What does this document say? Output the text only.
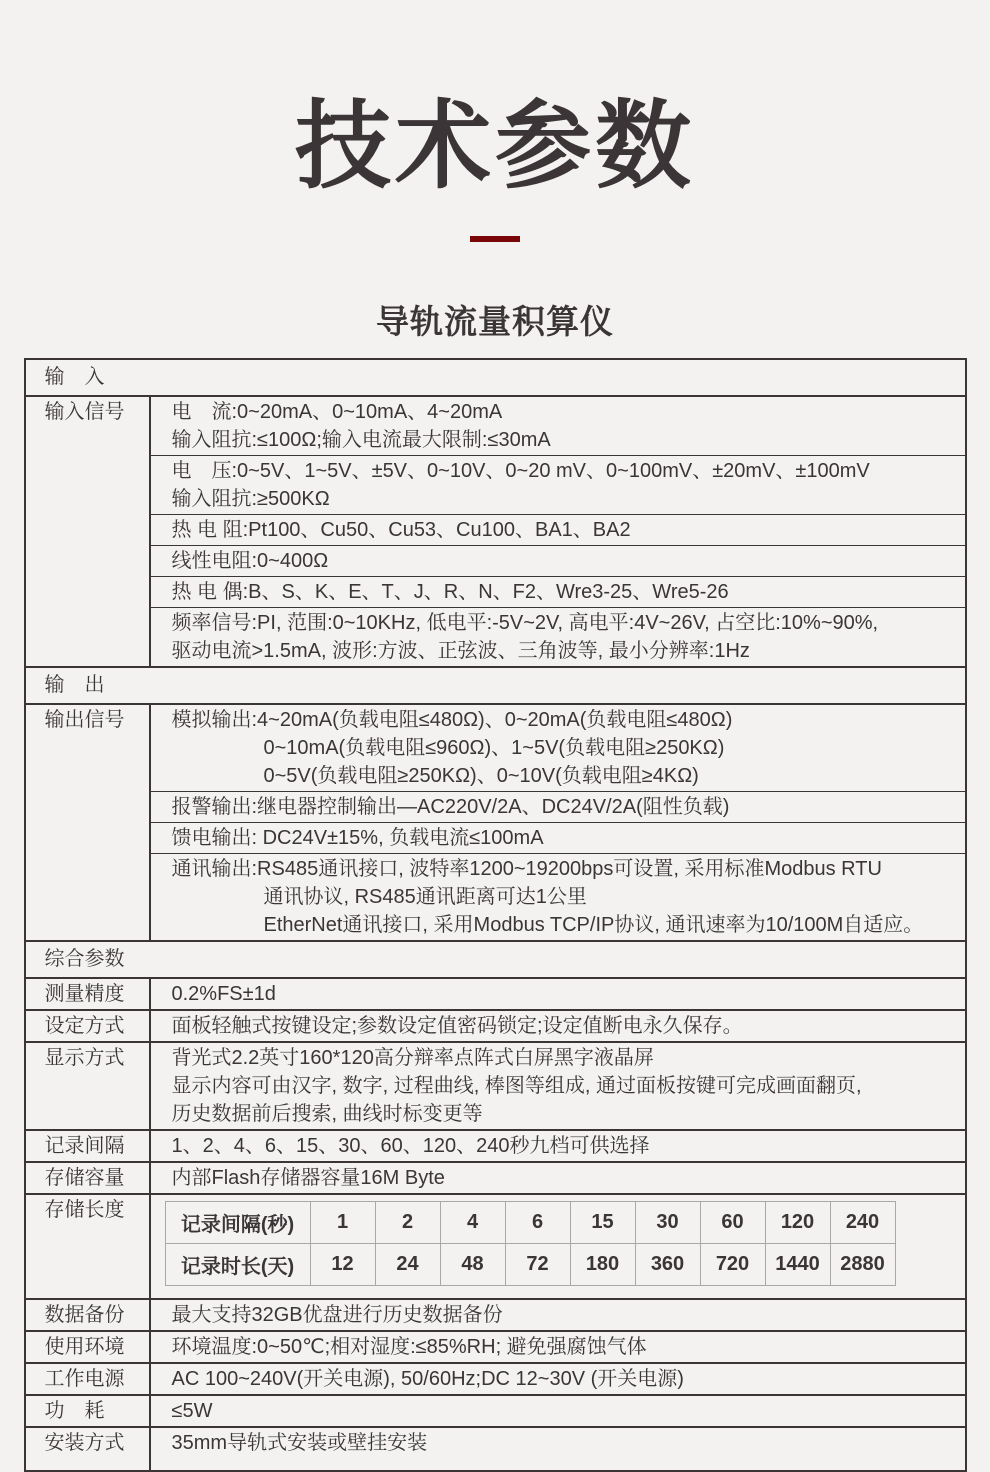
技术参数
导轨流量积算仪
输　入
输入信号	电　流:0~20mA、0~10mA、4~20mA
输入阻抗:≤100Ω;输入电流最大限制:≤30mA
电　压:0~5V、1~5V、±5V、0~10V、0~20 mV、0~100mV、±20mV、±100mV
输入阻抗:≥500KΩ
热 电 阻:Pt100、Cu50、Cu53、Cu100、BA1、BA2
线性电阻:0~400Ω
热 电 偶:B、S、K、E、T、J、R、N、F2、Wre3-25、Wre5-26
频率信号:PI, 范围:0~10KHz, 低电平:-5V~2V, 高电平:4V~26V, 占空比:10%~90%,
驱动电流>1.5mA, 波形:方波、正弦波、三角波等, 最小分辨率:1Hz
输　出
输出信号	模拟输出:4~20mA(负载电阻≤480Ω)、0~20mA(负载电阻≤480Ω)
0~10mA(负载电阻≤960Ω)、1~5V(负载电阻≥250KΩ)
0~5V(负载电阻≥250KΩ)、0~10V(负载电阻≥4KΩ)
报警输出:继电器控制输出—AC220V/2A、DC24V/2A(阻性负载)
馈电输出: DC24V±15%, 负载电流≤100mA
通讯输出:RS485通讯接口, 波特率1200~19200bps可设置, 采用标准Modbus RTU
通讯协议, RS485通讯距离可达1公里
EtherNet通讯接口, 采用Modbus TCP/IP协议, 通讯速率为10/100M自适应。
综合参数
测量精度	0.2%FS±1d
设定方式	面板轻触式按键设定;参数设定值密码锁定;设定值断电永久保存。
显示方式	背光式2.2英寸160*120高分辩率点阵式白屏黑字液晶屏
显示内容可由汉字, 数字, 过程曲线, 棒图等组成, 通过面板按键可完成画面翻页,
历史数据前后搜索, 曲线时标变更等
记录间隔	1、2、4、6、15、30、60、120、240秒九档可供选择
存储容量	内部Flash存储器容量16M Byte
存储长度
记录间隔(秒)	1	2	4	6	15	30	60	120	240
记录时长(天)	12	24	48	72	180	360	720	1440	2880
数据备份	最大支持32GB优盘进行历史数据备份
使用环境	环境温度:0~50℃;相对湿度:≤85%RH; 避免强腐蚀气体
工作电源	AC 100~240V(开关电源), 50/60Hz;DC 12~30V (开关电源)
功　耗	≤5W
安装方式	35mm导轨式安装或壁挂安装
